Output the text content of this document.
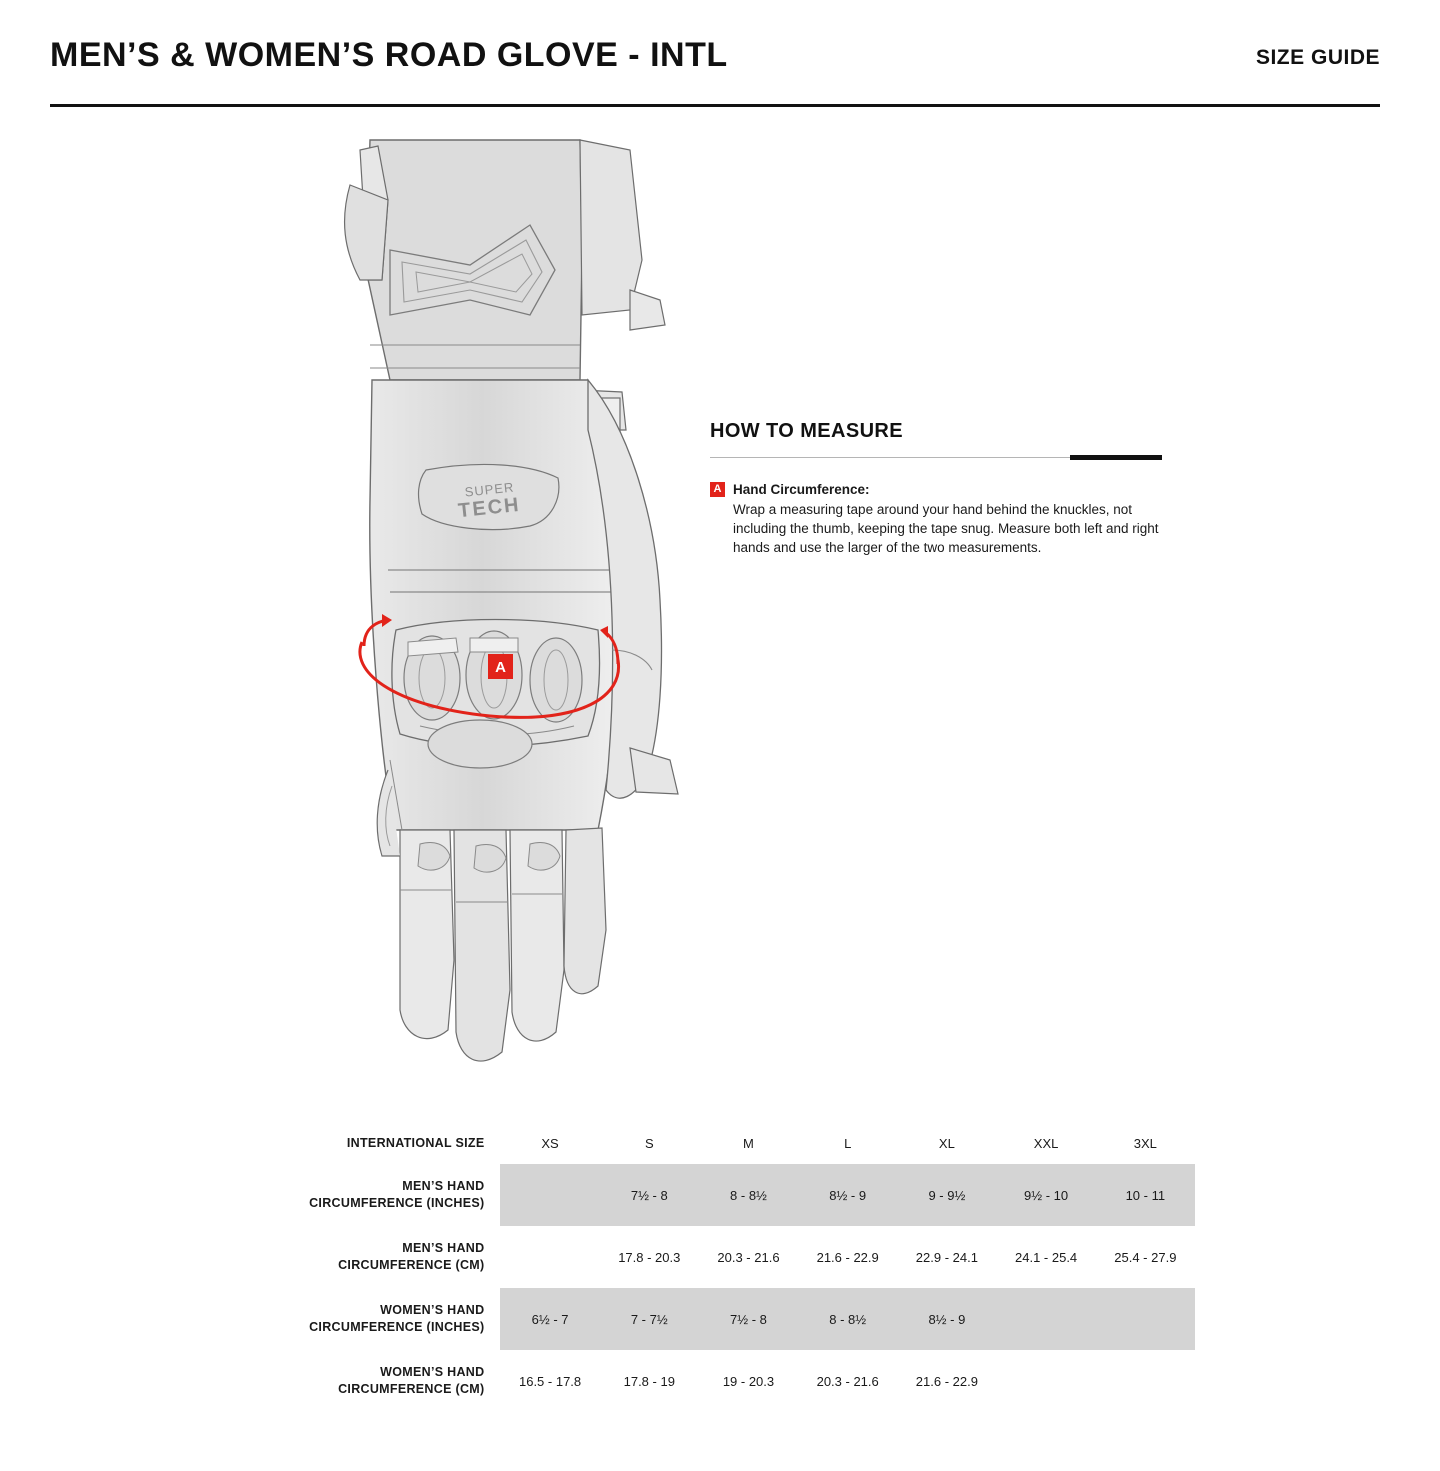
MEN’S & WOMEN’S ROAD GLOVE - INTL	SIZE GUIDE
SUPER
TECH
A
HOW TO MEASURE
A Hand Circumference:
Wrap a measuring tape around your hand behind the knuckles, not including the thumb, keeping the tape snug. Measure both left and right hands and use the larger of the two measurements.
INTERNATIONAL SIZE	XS	S	M	L	XL	XXL	3XL
MEN’S HAND
CIRCUMFERENCE (INCHES)		7½ - 8	8 - 8½	8½ - 9	9 - 9½	9½ - 10	10 - 11
MEN’S HAND
CIRCUMFERENCE (CM)		17.8 - 20.3	20.3 - 21.6	21.6 - 22.9	22.9 - 24.1	24.1 - 25.4	25.4 - 27.9
WOMEN’S HAND
CIRCUMFERENCE (INCHES)	6½ - 7	7 - 7½	7½ - 8	8 - 8½	8½ - 9		
WOMEN’S HAND
CIRCUMFERENCE (CM)	16.5 - 17.8	17.8 - 19	19 - 20.3	20.3 - 21.6	21.6 - 22.9		
